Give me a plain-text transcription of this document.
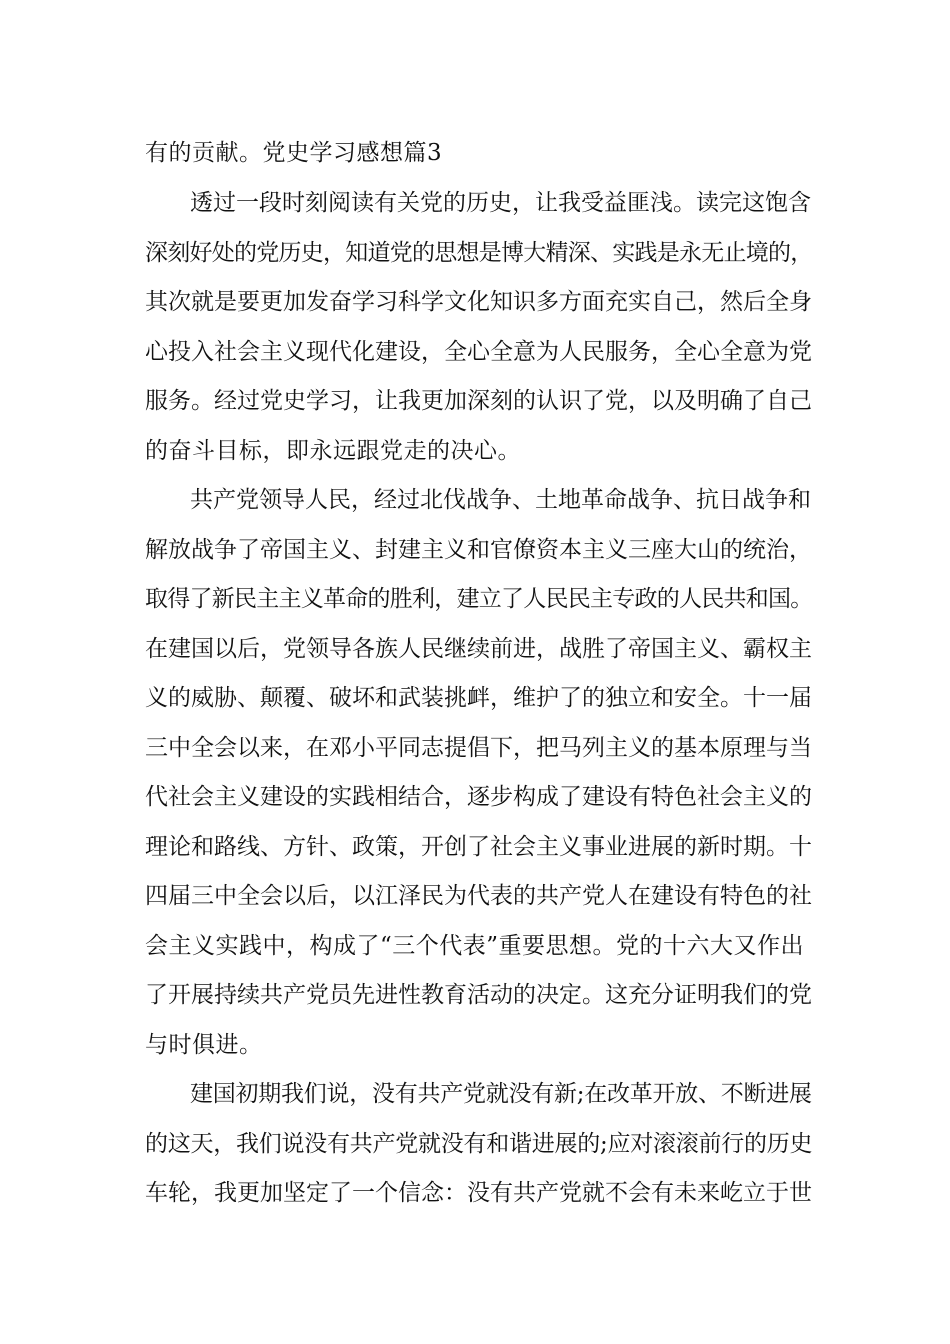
有的贡献。党史学习感想篇3
透过一段时刻阅读有关党的历史，让我受益匪浅。读完这饱含
深刻好处的党历史，知道党的思想是博大精深、实践是永无止境的，
其次就是要更加发奋学习科学文化知识多方面充实自己，然后全身
心投入社会主义现代化建设，全心全意为人民服务，全心全意为党
服务。经过党史学习，让我更加深刻的认识了党，以及明确了自己
的奋斗目标，即永远跟党走的决心。
共产党领导人民，经过北伐战争、土地革命战争、抗日战争和
解放战争了帝国主义、封建主义和官僚资本主义三座大山的统治，
取得了新民主主义革命的胜利，建立了人民民主专政的人民共和国。
在建国以后，党领导各族人民继续前进，战胜了帝国主义、霸权主
义的威胁、颠覆、破坏和武装挑衅，维护了的独立和安全。十一届
三中全会以来，在邓小平同志提倡下，把马列主义的基本原理与当
代社会主义建设的实践相结合，逐步构成了建设有特色社会主义的
理论和路线、方针、政策，开创了社会主义事业进展的新时期。十
四届三中全会以后，以江泽民为代表的共产党人在建设有特色的社
会主义实践中，构成了“三个代表”重要思想。党的十六大又作出
了开展持续共产党员先进性教育活动的决定。这充分证明我们的党
与时俱进。
建国初期我们说，没有共产党就没有新;在改革开放、不断进展
的这天，我们说没有共产党就没有和谐进展的;应对滚滚前行的历史
车轮，我更加坚定了一个信念：没有共产党就不会有未来屹立于世
